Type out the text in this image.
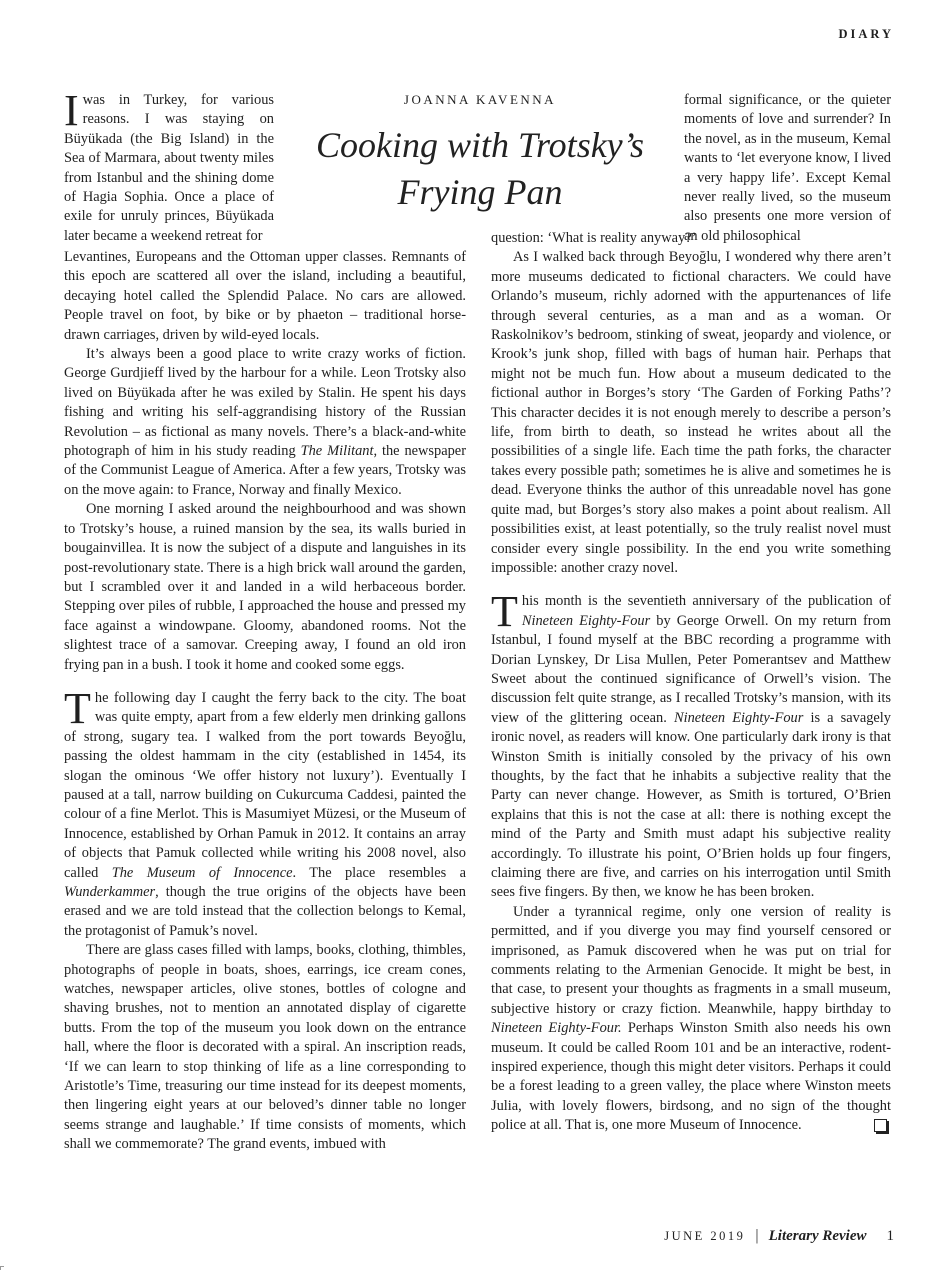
DIARY
JOANNA KAVENNA
Cooking with Trotsky’s
Frying Pan

Iwas in Turkey, for various reasons. I was staying on Büyükada (the Big Island) in the Sea of Marmara, about twenty miles from Istanbul and the shining dome of Hagia Sophia. Once a place of exile for unruly princes, Büyükada later became a weekend retreat for

Levantines, Europeans and the Ottoman upper classes. Remnants of this epoch are scattered all over the island, including a beautiful, decaying hotel called the Splendid Palace. No cars are allowed. People travel on foot, by bike or by phaeton – traditional horse-drawn carriages, driven by wild-eyed locals.

It’s always been a good place to write crazy works of fiction. George Gurdjieff lived by the harbour for a while. Leon Trotsky also lived on Büyükada after he was exiled by Stalin. He spent his days fishing and writing his self-aggrandising history of the Russian Revolution – as fictional as many novels. There’s a black-and-white photograph of him in his study reading The Militant, the newspaper of the Communist League of America. After a few years, Trotsky was on the move again: to France, Norway and finally Mexico.

One morning I asked around the neighbourhood and was shown to Trotsky’s house, a ruined mansion by the sea, its walls buried in bougainvillea. It is now the subject of a dispute and languishes in its post-revolutionary state. There is a high brick wall around the garden, but I scrambled over it and landed in a wild herbaceous border. Stepping over piles of rubble, I approached the house and pressed my face against a windowpane. Gloomy, abandoned rooms. Not the slightest trace of a samovar. Creeping away, I found an old iron frying pan in a bush. I took it home and cooked some eggs.

The following day I caught the ferry back to the city. The boat was quite empty, apart from a few elderly men drinking gallons of strong, sugary tea. I walked from the port towards Beyoğlu, passing the oldest hammam in the city (established in 1454, its slogan the ominous ‘We offer history not luxury’). Eventually I paused at a tall, narrow building on Cukurcuma Caddesi, painted the colour of a fine Merlot. This is Masumiyet Müzesi, or the Museum of Innocence, established by Orhan Pamuk in 2012. It contains an array of objects that Pamuk collected while writing his 2008 novel, also called The Museum of Innocence. The place resembles a Wunderkammer, though the true origins of the objects have been erased and we are told instead that the collection belongs to Kemal, the protagonist of Pamuk’s novel.

There are glass cases filled with lamps, books, clothing, thimbles, photographs of people in boats, shoes, earrings, ice cream cones, watches, newspaper articles, olive stones, bottles of cologne and shaving brushes, not to mention an annotated display of cigarette butts. From the top of the museum you look down on the entrance hall, where the floor is decorated with a spiral. An inscription reads, ‘If we can learn to stop thinking of life as a line corresponding to Aristotle’s Time, treasuring our time instead for its deepest moments, then lingering eight years at our beloved’s dinner table no longer seems strange and laughable.’ If time consists of moments, which shall we commemorate? The grand events, imbued with

formal significance, or the quieter moments of love and surrender? In the novel, as in the museum, Kemal wants to ‘let everyone know, I lived a very happy life’. Except Kemal never really lived, so the museum also presents one more version of an old philosophical

question: ‘What is reality anyway?’

As I walked back through Beyoğlu, I wondered why there aren’t more museums dedicated to fictional characters. We could have Orlando’s museum, richly adorned with the appurtenances of life through several centuries, as a man and as a woman. Or Raskolnikov’s bedroom, stinking of sweat, jeopardy and violence, or Krook’s junk shop, filled with bags of human hair. Perhaps that might not be much fun. How about a museum dedicated to the fictional author in Borges’s story ‘The Garden of Forking Paths’? This character decides it is not enough merely to describe a person’s life, from birth to death, so instead he writes about all the possibilities of a single life. Each time the path forks, the character takes every possible path; sometimes he is alive and sometimes he is dead. Everyone thinks the author of this unreadable novel has gone quite mad, but Borges’s story also makes a point about realism. All possibilities exist, at least potentially, so the truly realist novel must consider every single possibility. In the end you write something impossible: another crazy novel.

This month is the seventieth anniversary of the publication of Nineteen Eighty-Four by George Orwell. On my return from Istanbul, I found myself at the BBC recording a programme with Dorian Lynskey, Dr Lisa Mullen, Peter Pomerantsev and Matthew Sweet about the continued significance of Orwell’s vision. The discussion felt quite strange, as I recalled Trotsky’s mansion, with its view of the glittering ocean. Nineteen Eighty-Four is a savagely ironic novel, as readers will know. One particularly dark irony is that Winston Smith is initially consoled by the privacy of his own thoughts, by the fact that he inhabits a subjective reality that the Party can never change. However, as Smith is tortured, O’Brien explains that this is not the case at all: there is nothing except the mind of the Party and Smith must adapt his subjective reality accordingly. To illustrate his point, O’Brien holds up four fingers, claiming there are five, and carries on his interrogation until Smith sees five fingers. By then, we know he has been broken.

Under a tyrannical regime, only one version of reality is permitted, and if you diverge you may find yourself censored or imprisoned, as Pamuk discovered when he was put on trial for comments relating to the Armenian Genocide. It might be best, in that case, to present your thoughts as fragments in a small museum, subjective history or crazy fiction. Meanwhile, happy birthday to Nineteen Eighty-Four. Perhaps Winston Smith also needs his own museum. It could be called Room 101 and be an interactive, rodent-inspired experience, though this might deter visitors. Perhaps it could be a forest leading to a green valley, the place where Winston meets Julia, with lovely flowers, birdsong, and no sign of the thought police at all. That is, one more Museum of Innocence.

JUNE 2019 | Literary Review 1
